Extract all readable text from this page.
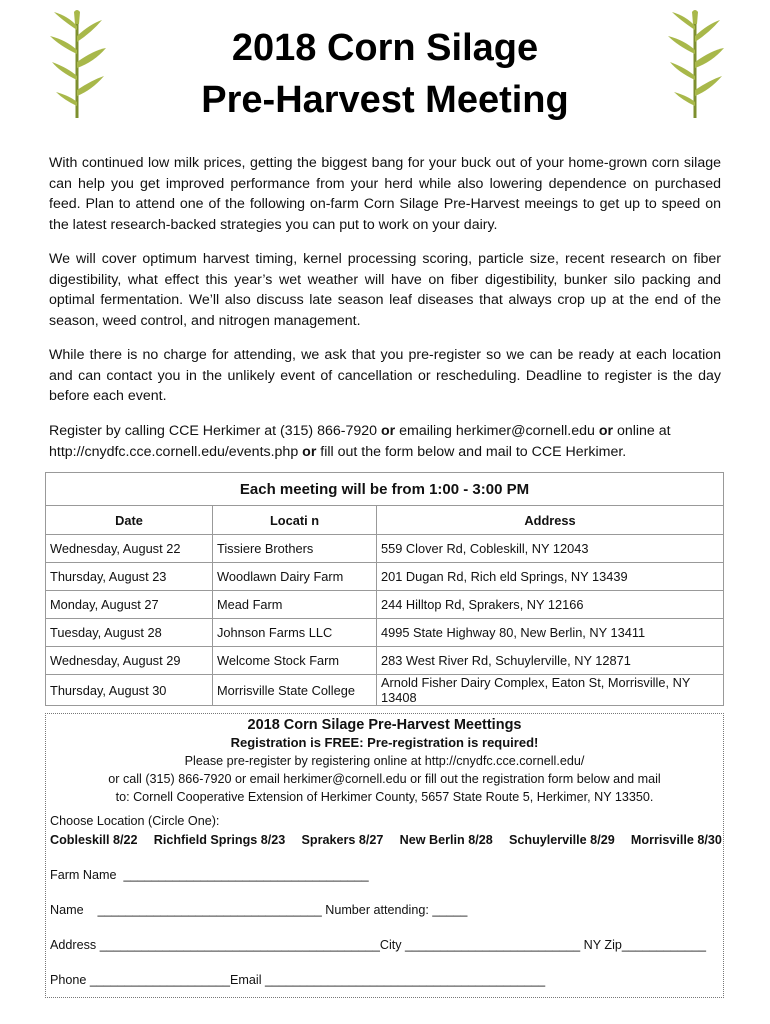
2018 Corn Silage
Pre-Harvest Meeting

With continued low milk prices, getting the biggest bang for your buck out of your home-grown corn silage can help you get improved performance from your herd while also lowering dependence on purchased feed. Plan to attend one of the following on-farm Corn Silage Pre-Harvest meeings to get up to speed on the latest research-backed strategies you can put to work on your dairy.

We will cover optimum harvest timing, kernel processing scoring, particle size, recent research on fiber digestibility, what effect this year’s wet weather will have on fiber digestibility, bunker silo packing and optimal fermentation. We’ll also discuss late season leaf diseases that always crop up at the end of the season, weed control, and nitrogen management.

While there is no charge for attending, we ask that you pre-register so we can be ready at each location and can contact you in the unlikely event of cancellation or rescheduling. Deadline to register is the day before each event.

Register by calling CCE Herkimer at (315) 866-7920 or emailing herkimer@cornell.edu or online at http://cnydfc.cce.cornell.edu/events.php or fill out the form below and mail to CCE Herkimer.

Each meeting will be from 1:00 - 3:00 PM		
Date	Locati n	Address
Wednesday, August 22	Tissiere Brothers	559 Clover Rd, Cobleskill, NY 12043
Thursday, August 23	Woodlawn Dairy Farm	201 Dugan Rd, Rich eld Springs, NY 13439
Monday, August 27	Mead Farm	244 Hilltop Rd, Sprakers, NY 12166
Tuesday, August 28	Johnson Farms LLC	4995 State Highway 80, New Berlin, NY 13411
Wednesday, August 29	Welcome Stock Farm	283 West River Rd, Schuylerville, NY 12871
Thursday, August 30	Morrisville State College	Arnold Fisher Dairy Complex, Eaton St, Morrisville, NY 13408
2018 Corn Silage Pre-Harvest Meettings
Registration is FREE: Pre-registration is required!
Please pre-register by registering online at http://cnydfc.cce.cornell.edu/
or call (315) 866-7920 or email herkimer@cornell.edu or fill out the registration form below and mail
to: Cornell Cooperative Extension of Herkimer County, 5657 State Route 5, Herkimer, NY 13350.
Choose Location (Circle One):
Cobleskill 8/22 Richfield Springs 8/23 Sprakers 8/27 New Berlin 8/28 Schuylerville 8/29 Morrisville 8/30
Farm Name  ___________________________________
Name    ________________________________ Number attending: _____
Address ________________________________________City _________________________ NY Zip____________
Phone ____________________Email ________________________________________
